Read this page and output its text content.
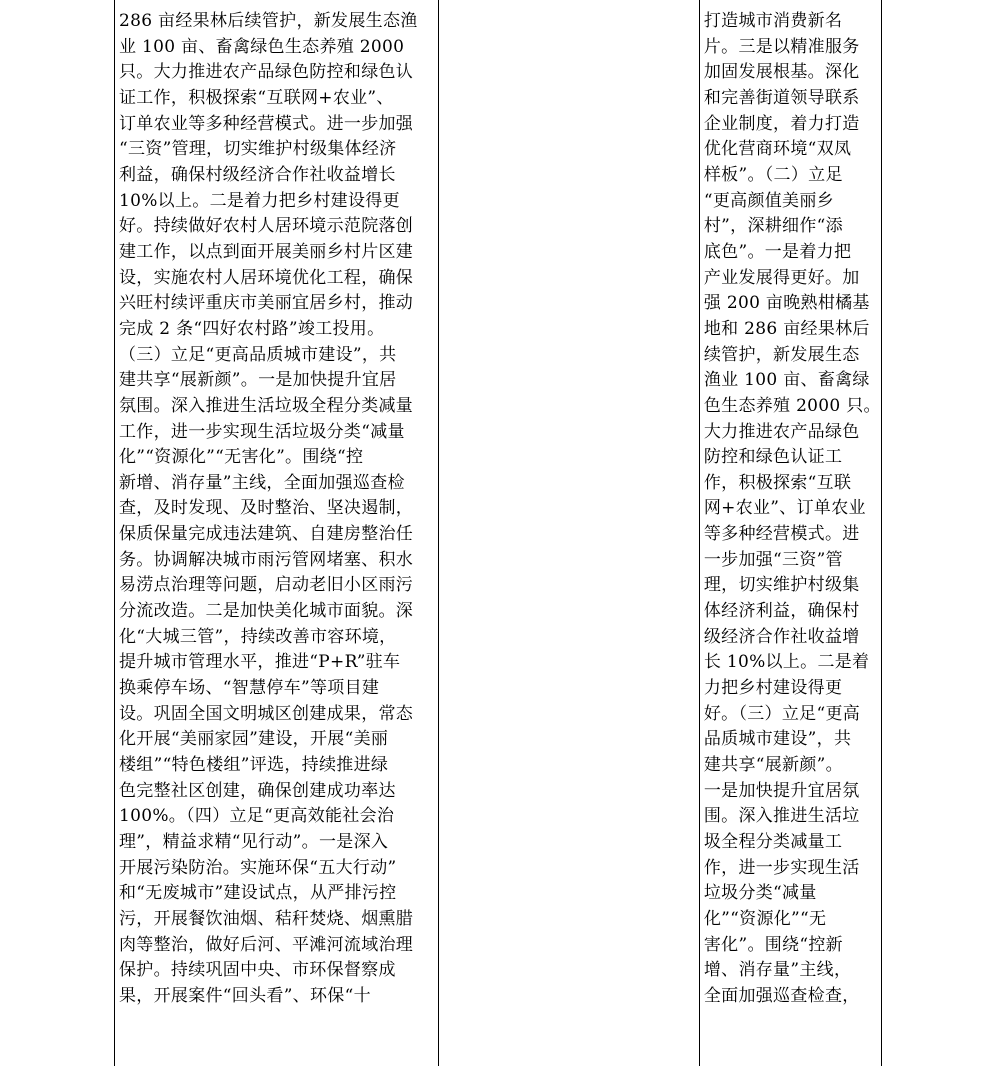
286 亩经果林后续管护，新发展生态渔
业 100 亩、畜禽绿色生态养殖 2000
只。大力推进农产品绿色防控和绿色认
证工作，积极探索“互联网+农业”、
订单农业等多种经营模式。进一步加强
“三资”管理，切实维护村级集体经济
利益，确保村级经济合作社收益增长
10%以上。二是着力把乡村建设得更
好。持续做好农村人居环境示范院落创
建工作，以点到面开展美丽乡村片区建
设，实施农村人居环境优化工程，确保
兴旺村续评重庆市美丽宜居乡村，推动
完成 2 条“四好农村路”竣工投用。
（三）立足“更高品质城市建设”，共
建共享“展新颜”。一是加快提升宜居
氛围。深入推进生活垃圾全程分类减量
工作，进一步实现生活垃圾分类“减量
化”“资源化”“无害化”。围绕“控
新增、消存量”主线，全面加强巡查检
查，及时发现、及时整治、坚决遏制，
保质保量完成违法建筑、自建房整治任
务。协调解决城市雨污管网堵塞、积水
易涝点治理等问题，启动老旧小区雨污
分流改造。二是加快美化城市面貌。深
化“大城三管”，持续改善市容环境，
提升城市管理水平，推进“P+R”驻车
换乘停车场、“智慧停车”等项目建
设。巩固全国文明城区创建成果，常态
化开展“美丽家园”建设，开展“美丽
楼组”“特色楼组”评选，持续推进绿
色完整社区创建，确保创建成功率达
100%。（四）立足“更高效能社会治
理”，精益求精“见行动”。一是深入
开展污染防治。实施环保“五大行动”
和“无废城市”建设试点，从严排污控
污，开展餐饮油烟、秸秆焚烧、烟熏腊
肉等整治，做好后河、平滩河流域治理
保护。持续巩固中央、市环保督察成
果，开展案件“回头看”、环保“十

打造城市消费新名
片。三是以精准服务
加固发展根基。深化
和完善街道领导联系
企业制度，着力打造
优化营商环境“双凤
样板”。（二）立足
“更高颜值美丽乡
村”，深耕细作“添
底色”。一是着力把
产业发展得更好。加
强 200 亩晚熟柑橘基
地和 286 亩经果林后
续管护，新发展生态
渔业 100 亩、畜禽绿
色生态养殖 2000 只。
大力推进农产品绿色
防控和绿色认证工
作，积极探索“互联
网+农业”、订单农业
等多种经营模式。进
一步加强“三资”管
理，切实维护村级集
体经济利益，确保村
级经济合作社收益增
长 10%以上。二是着
力把乡村建设得更
好。（三）立足“更高
品质城市建设”，共
建共享“展新颜”。
一是加快提升宜居氛
围。深入推进生活垃
圾全程分类减量工
作，进一步实现生活
垃圾分类“减量
化”“资源化”“无
害化”。围绕“控新
增、消存量”主线，
全面加强巡查检查，
